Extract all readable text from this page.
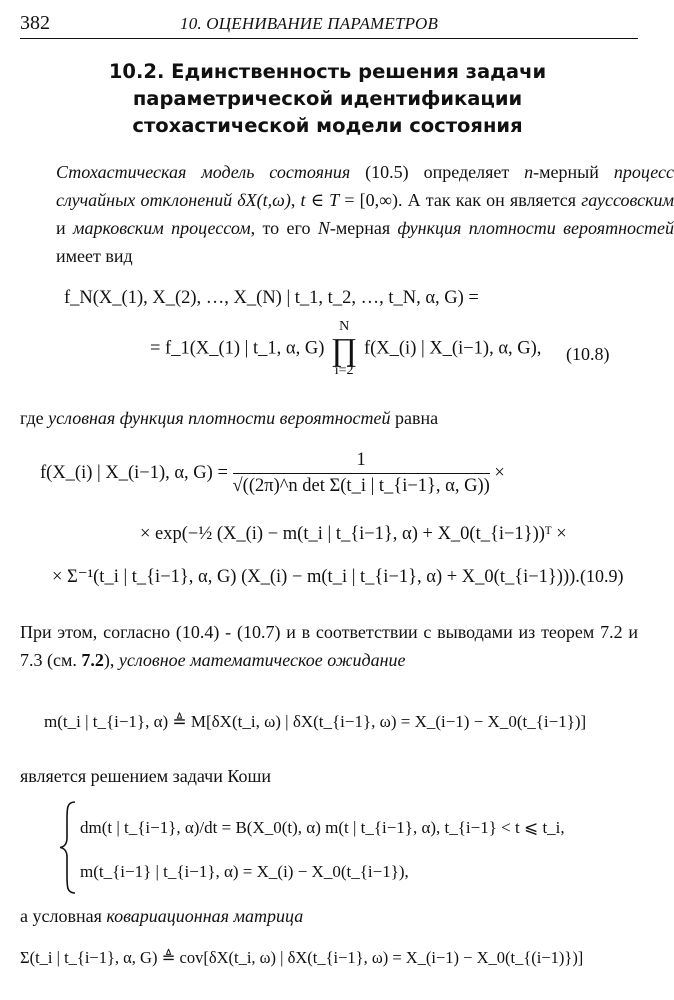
382	10. ОЦЕНИВАНИЕ ПАРАМЕТРОВ
10.2. Единственность решения задачи
параметрической идентификации
стохастической модели состояния
Стохастическая модель состояния (10.5) определяет n-мерный процесс случайных отклонений δX(t,ω), t ∈ T = [0,∞). А так как он является гауссовским и марковским процессом, то его N-мерная функция плотности вероятностей имеет вид
f_N(X_(1), X_(2), …, X_(N) | t_1, t_2, …, t_N, α, G) =
= f_1(X_(1) | t_1, α, G)
N
∏
i=2
f(X_(i) | X_(i−1), α, G), (10.8)
где условная функция плотности вероятностей равна
f(X_(i) | X_(i−1), α, $G) = \frac{1}{\text{√((2π)\textasciicircum{}n det Σ(t\_i | t\_\{i−1\}, α, G))}}$ ×
× exp(−½ (X_(i) − m(t_i | t_{i−1}, α) + X_0(t_{i−1}))ᵀ ×
× Σ⁻¹(t_i | t_{i−1}, α, G) (X_(i) − m(t_i | t_{i−1}, α) + X_0(t_{i−1}))). (10.9)
При этом, согласно (10.4) - (10.7) и в соответствии с выводами из теорем 7.2 и 7.3 (см. 7.2), условное математическое ожидание
m(t_i | t_{i−1}, α) ≜ M[δX(t_i, ω) | δX(t_{i−1}, ω) = X_(i−1) − X_0(t_{i−1})]
является решением задачи Коши
dm(t | t_{i−1}, α)/dt = B(X_0(t), α) m(t | t_{i−1}, α), t_{i−1} < t ⩽ t_i,
m(t_{i−1} | t_{i−1}, α) = X_(i) − X_0(t_{i−1}),
а условная ковариационная матрица
Σ(t_i | t_{i−1}, α, G) ≜ cov[δX(t_i, ω) | δX(t_{i−1}, ω) = X_(i−1) − X_0(t_{(i−1)})]
